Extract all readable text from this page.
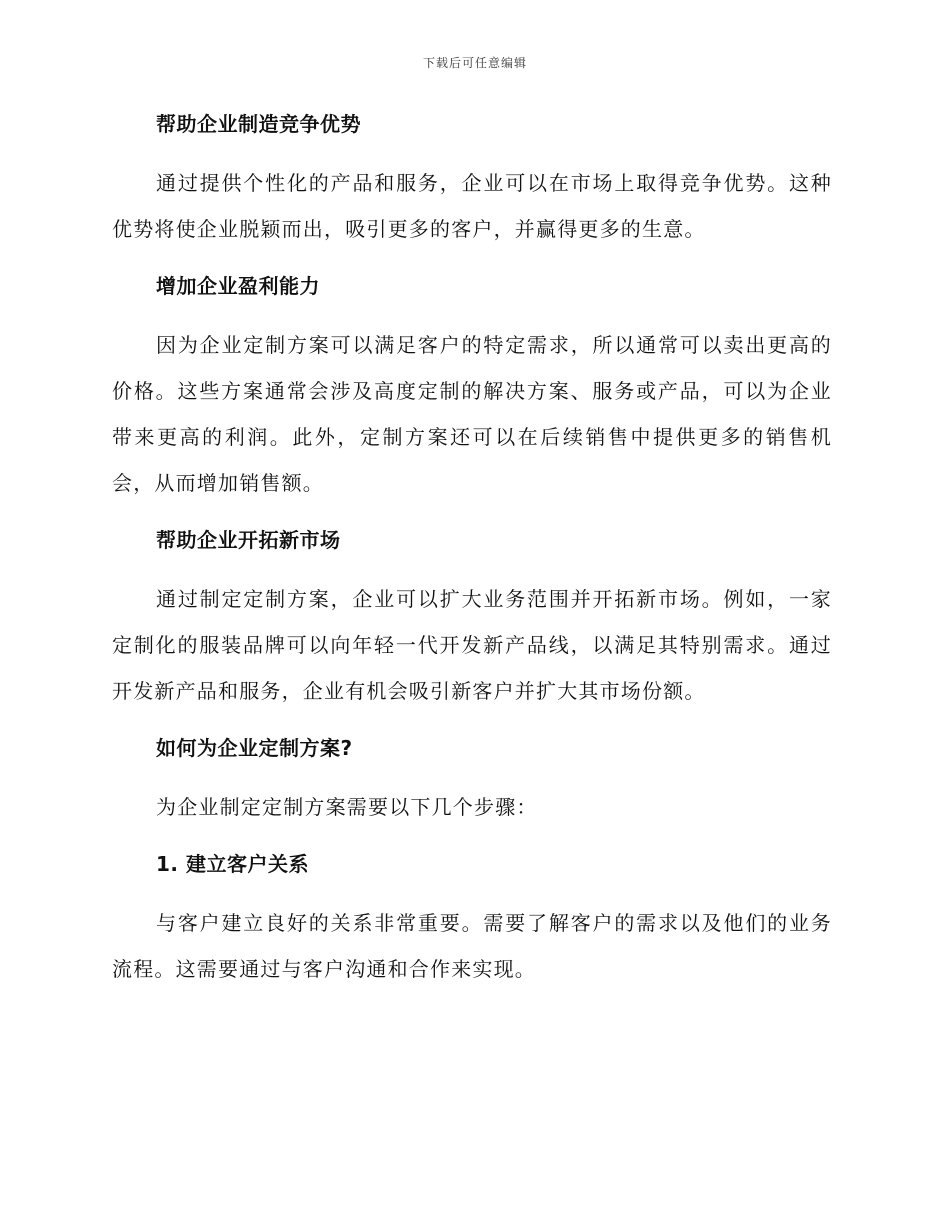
下载后可任意编辑
帮助企业制造竞争优势

通过提供个性化的产品和服务，企业可以在市场上取得竞争优势。这种优势将使企业脱颖而出，吸引更多的客户，并赢得更多的生意。

增加企业盈利能力

因为企业定制方案可以满足客户的特定需求，所以通常可以卖出更高的价格。这些方案通常会涉及高度定制的解决方案、服务或产品，可以为企业带来更高的利润。此外，定制方案还可以在后续销售中提供更多的销售机会，从而增加销售额。

帮助企业开拓新市场

通过制定定制方案，企业可以扩大业务范围并开拓新市场。例如，一家定制化的服装品牌可以向年轻一代开发新产品线，以满足其特别需求。通过开发新产品和服务，企业有机会吸引新客户并扩大其市场份额。

如何为企业定制方案?

为企业制定定制方案需要以下几个步骤：

1. 建立客户关系

与客户建立良好的关系非常重要。需要了解客户的需求以及他们的业务流程。这需要通过与客户沟通和合作来实现。
